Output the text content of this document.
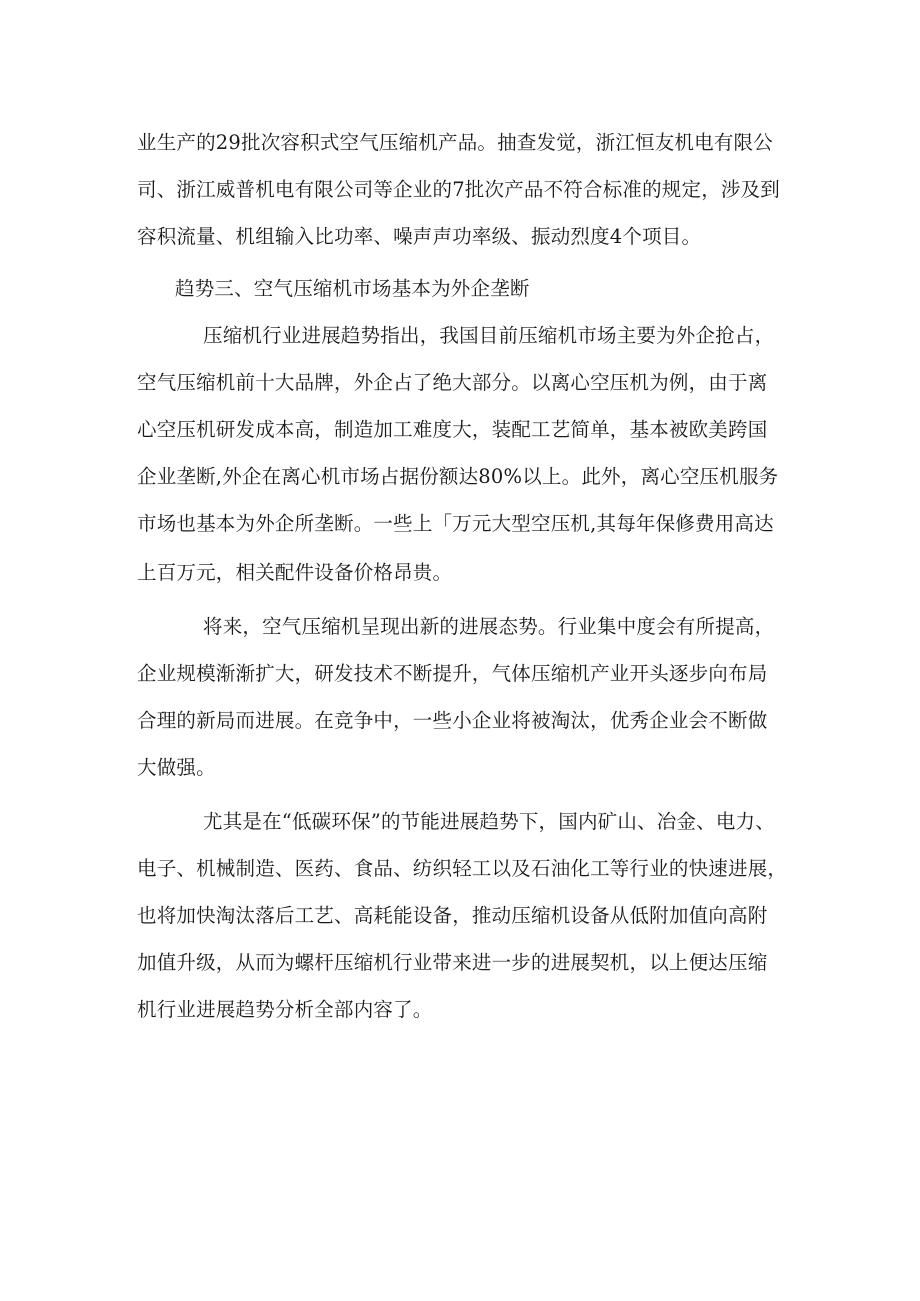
业生产的29批次容积式空气压缩机产品。抽查发觉，浙江恒友机电有限公
司、浙江威普机电有限公司等企业的7批次产品不符合标准的规定，涉及到
容积流量、机组输入比功率、噪声声功率级、振动烈度4个项目。
趋势三、空气压缩机市场基本为外企垄断
压缩机行业进展趋势指出，我国目前压缩机市场主要为外企抢占，
空气压缩机前十大品牌，外企占了绝大部分。以离心空压机为例，由于离
心空压机研发成本高，制造加工难度大，装配工艺简单，基本被欧美跨国
企业垄断,外企在离心机市场占据份额达80%以上。此外，离心空压机服务
市场也基本为外企所垄断。一些上「万元大型空压机,其每年保修费用高达
上百万元，相关配件设备价格昂贵。
将来，空气压缩机呈现出新的进展态势。行业集中度会有所提高，
企业规模渐渐扩大，研发技术不断提升，气体压缩机产业开头逐步向布局
合理的新局而进展。在竞争中，一些小企业将被淘汰，优秀企业会不断做
大做强。
尤其是在“低碳环保”的节能进展趋势下，国内矿山、冶金、电力、
电子、机械制造、医药、食品、纺织轻工以及石油化工等行业的快速进展，
也将加快淘汰落后工艺、高耗能设备，推动压缩机设备从低附加值向高附
加值升级，从而为螺杆压缩机行业带来进一步的进展契机，以上便达压缩
机行业进展趋势分析全部内容了。
